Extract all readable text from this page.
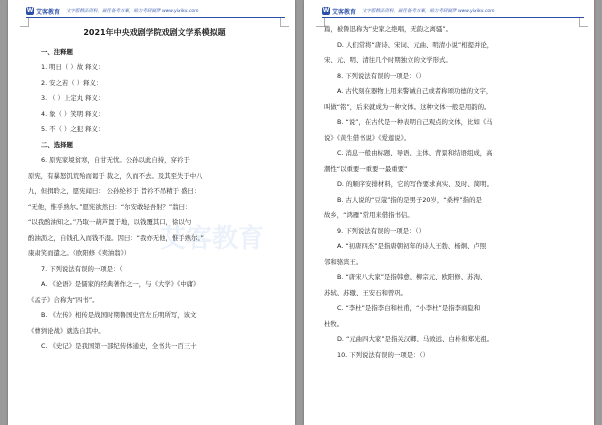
W 艾客教育 文字版精品资料，最佳备考方案，助力考研圆梦 www.yixiku.com
2021年中央戏剧学院戏剧文学系模拟题
一、注释题
1. 明日（ ）故 释义：
2. 安之若（ ）释义：
3. （ ）上定丸 释义：
4. 象（ ）笑明 释义：
5. 不（ ）之犯 释义：
二、选择题
6. 原宪家境贫寒，自甘无忧。公孙以此自持，穿衿于
原宪，有暴怒饥荒殆而谒于 裁之，久而不去。及其至失于中八
九，但揖聆之，愿宪闻曰： 公孙纶衫于 旨衿不吊精于 盛曰：
“无他，惟乎熟尔。”愿宪欲然曰：“尔安敢轻吾射？”翁曰：
“以我酌油知之。”乃取一葫芦置于地，以钱覆其口，徐以勺
酌油沥之，自钱孔入而钱不湿。因曰：“我亦无他，惟手熟尔。”
康肃笑而遣之。（欧阳修《卖油翁》）
7. 下列说法有误的一项是：（
A. 《论语》是儒家的经典著作之一，与《大学》《中庸》
《孟子》合称为“四书”。
B. 《左传》相传是战国时期鲁国史官左丘明所写，该文
《曹刿论战》就选自其中。
C. 《史记》是我国第一部纪传体通史，全书共一百三十
W 艾客教育 文字版精品资料，最佳备考方案，助力考研圆梦 www.yixiku.com
篇，被鲁迅称为“史家之绝唱，无韵之离骚”。
D. 人们常将“唐诗、宋词、元曲、明清小说”相提并论，
宋、元、明、清往几个时期独立的文学形式。
8. 下列说法有误的一项是：（）
A. 古代刻在器物上用来警诫自己或者称颂功德的文字，
叫做“铭”，后来就成为一种文体。这种文体一般是用韵的。
B. “说”，在古代是一种表明自己观点的文体，比如《马
说》《黄生借书说》《爱莲说》。
C. 消息一般由标题、导语、主体、背景和结语组成，高
潮性“以重要一重要一最重要”
D. 的顺序安排材料，它的写作要求真实、及时、简明。
B. 古人说的“豆蔻”指的是男子20岁，“桑梓”指的是
故乡，“鸿雁”常用来借指书信。
9. 下列说法有误的一项是：（）
A. “初唐四杰”是指唐朝初年的诗人王勃、杨炯、卢照
邻和骆宾王。
B. “唐宋八大家”是指韩愈、柳宗元、欧阳修、苏洵、
苏轼、苏辙、王安石和曾巩。
C. “李杜”是指李白和杜甫，“小李杜”是指李商隐和
杜牧。
D. “元曲四大家”是指关汉卿、马致远、白朴和郑光祖。
10. 下列说法有误的一项是：（）
